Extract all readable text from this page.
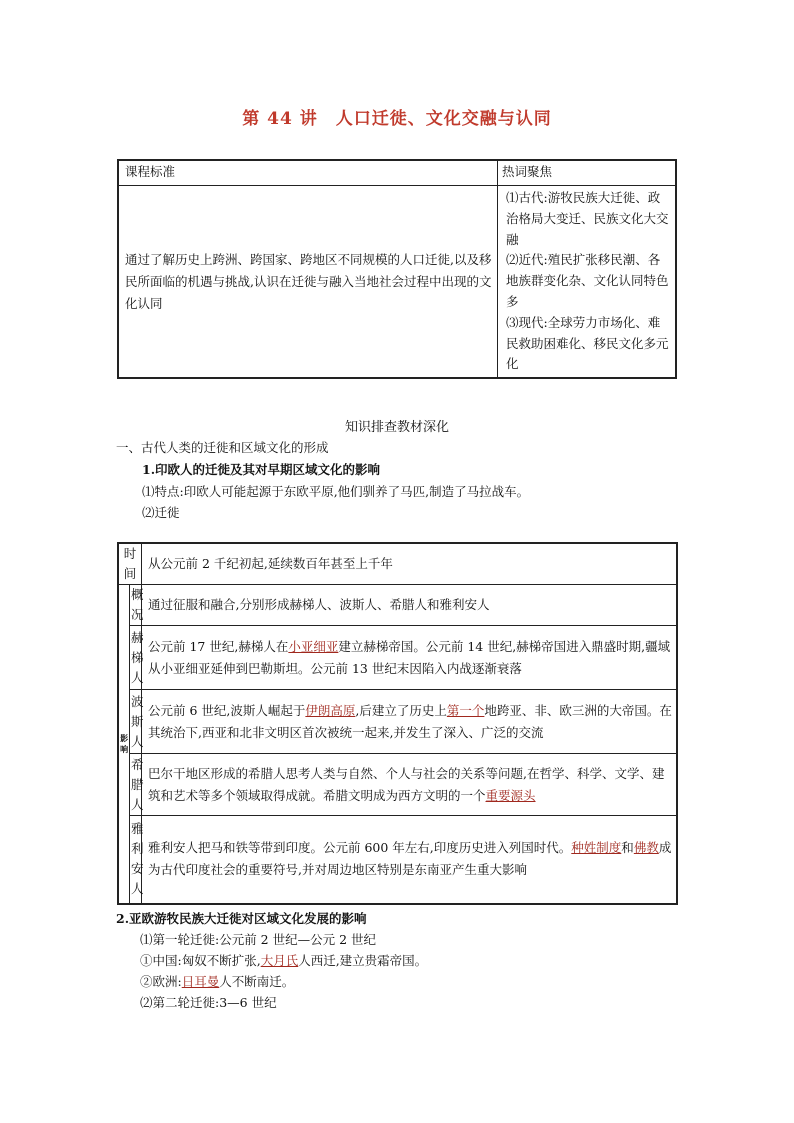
第 44 讲　人口迁徙、文化交融与认同
课程标准	热词聚焦
通过了解历史上跨洲、跨国家、跨地区不同规模的人口迁徙,以及移民所面临的机遇与挑战,认识在迁徙与融入当地社会过程中出现的文化认同	⑴古代:游牧民族大迁徙、政治格局大变迁、民族文化大交融
⑵近代:殖民扩张移民潮、各地族群变化杂、文化认同特色多
⑶现代:全球劳力市场化、难民救助困难化、移民文化多元化
知识排查教材深化
一、古代人类的迁徙和区域文化的形成
1.印欧人的迁徙及其对早期区域文化的影响
⑴特点:印欧人可能起源于东欧平原,他们驯养了马匹,制造了马拉战车。
⑵迁徙
时间		从公元前 2 千纪初起,延续数百年甚至上千年
影响	概况	通过征服和融合,分别形成赫梯人、波斯人、希腊人和雅利安人

	赫梯人	公元前 17 世纪,赫梯人在小亚细亚建立赫梯帝国。公元前 14 世纪,赫梯帝国进入鼎盛时期,疆域从小亚细亚延伸到巴勒斯坦。公元前 13 世纪末因陷入内战逐渐衰落

	波斯人	公元前 6 世纪,波斯人崛起于伊朗高原,后建立了历史上第一个地跨亚、非、欧三洲的大帝国。在其统治下,西亚和北非文明区首次被统一起来,并发生了深入、广泛的交流

	希腊人	巴尔干地区形成的希腊人思考人类与自然、个人与社会的关系等问题,在哲学、科学、文学、建筑和艺术等多个领域取得成就。希腊文明成为西方文明的一个重要源头

	雅利安人	雅利安人把马和铁等带到印度。公元前 600 年左右,印度历史进入列国时代。种姓制度和佛教成为古代印度社会的重要符号,并对周边地区特别是东南亚产生重大影响
2.亚欧游牧民族大迁徙对区域文化发展的影响
⑴第一轮迁徙:公元前 2 世纪—公元 2 世纪
①中国:匈奴不断扩张,大月氏人西迁,建立贵霜帝国。
②欧洲:日耳曼人不断南迁。
⑵第二轮迁徙:3—6 世纪
